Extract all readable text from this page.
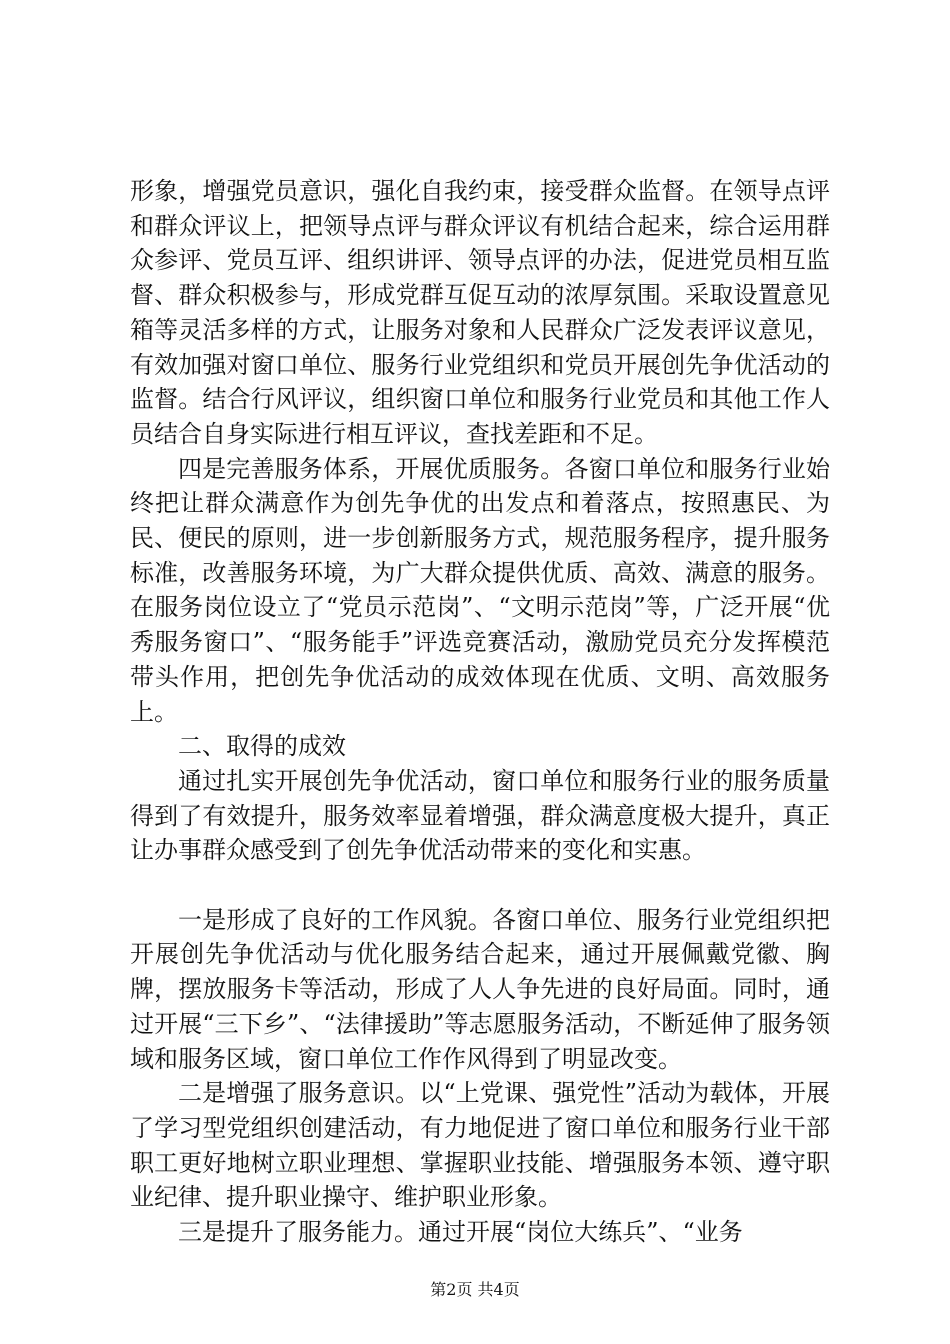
形象，增强党员意识，强化自我约束，接受群众监督。在领导点评和群众评议上，把领导点评与群众评议有机结合起来，综合运用群众参评、党员互评、组织讲评、领导点评的办法，促进党员相互监督、群众积极参与，形成党群互促互动的浓厚氛围。采取设置意见箱等灵活多样的方式，让服务对象和人民群众广泛发表评议意见，有效加强对窗口单位、服务行业党组织和党员开展创先争优活动的监督。结合行风评议，组织窗口单位和服务行业党员和其他工作人员结合自身实际进行相互评议，查找差距和不足。

四是完善服务体系，开展优质服务。各窗口单位和服务行业始终把让群众满意作为创先争优的出发点和着落点，按照惠民、为民、便民的原则，进一步创新服务方式，规范服务程序，提升服务标准，改善服务环境，为广大群众提供优质、高效、满意的服务。在服务岗位设立了“党员示范岗”、“文明示范岗”等，广泛开展“优秀服务窗口”、“服务能手”评选竞赛活动，激励党员充分发挥模范带头作用，把创先争优活动的成效体现在优质、文明、高效服务上。

二、取得的成效

通过扎实开展创先争优活动，窗口单位和服务行业的服务质量得到了有效提升，服务效率显着增强，群众满意度极大提升，真正让办事群众感受到了创先争优活动带来的变化和实惠。

一是形成了良好的工作风貌。各窗口单位、服务行业党组织把开展创先争优活动与优化服务结合起来，通过开展佩戴党徽、胸牌，摆放服务卡等活动，形成了人人争先进的良好局面。同时，通过开展“三下乡”、“法律援助”等志愿服务活动，不断延伸了服务领域和服务区域，窗口单位工作作风得到了明显改变。

二是增强了服务意识。以“上党课、强党性”活动为载体，开展了学习型党组织创建活动，有力地促进了窗口单位和服务行业干部职工更好地树立职业理想、掌握职业技能、增强服务本领、遵守职业纪律、提升职业操守、维护职业形象。

三是提升了服务能力。通过开展“岗位大练兵”、“业务

第2页 共4页
